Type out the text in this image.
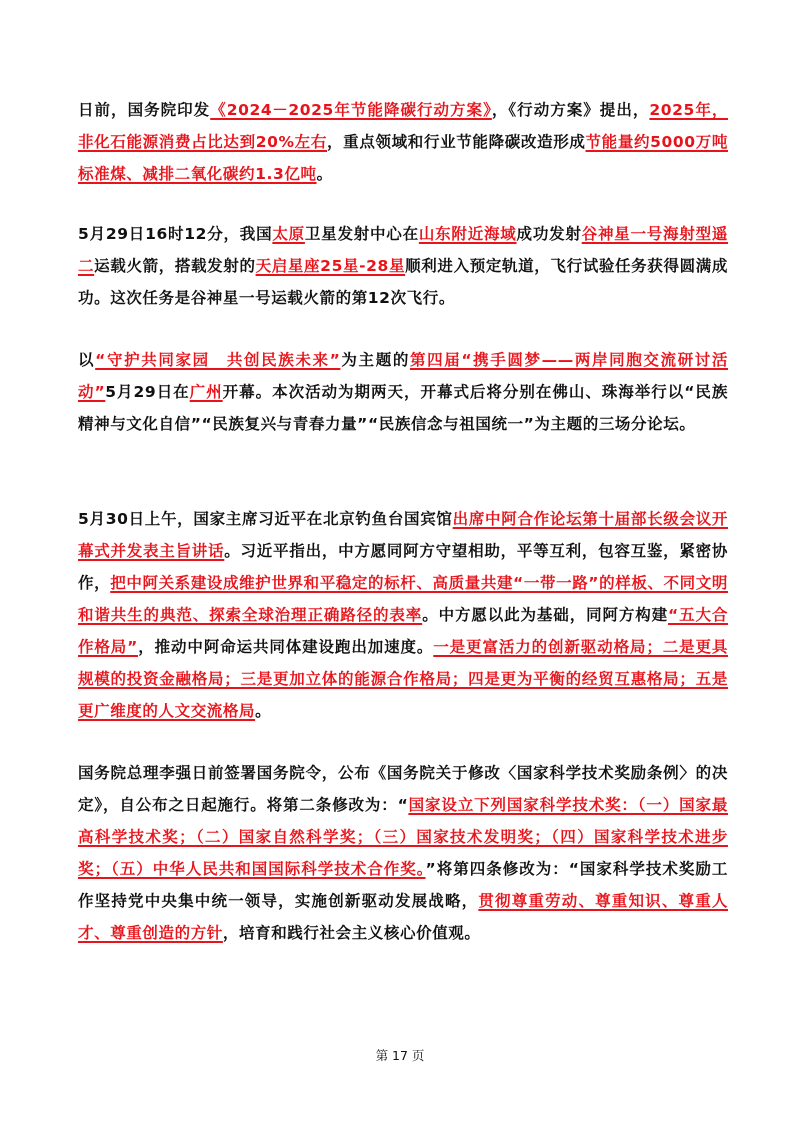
日前，国务院印发《2024－2025年节能降碳行动方案》，《行动方案》提出，2025年，非化石能源消费占比达到20%左右，重点领域和行业节能降碳改造形成节能量约5000万吨标准煤、减排二氧化碳约1.3亿吨。

5月29日16时12分，我国太原卫星发射中心在山东附近海域成功发射谷神星一号海射型遥二运载火箭，搭载发射的天启星座25星-28星顺利进入预定轨道，飞行试验任务获得圆满成功。这次任务是谷神星一号运载火箭的第12次飞行。

以“守护共同家园　共创民族未来”为主题的第四届“携手圆梦——两岸同胞交流研讨活动”5月29日在广州开幕。本次活动为期两天，开幕式后将分别在佛山、珠海举行以“民族精神与文化自信”“民族复兴与青春力量”“民族信念与祖国统一”为主题的三场分论坛。

5月30日上午，国家主席习近平在北京钓鱼台国宾馆出席中阿合作论坛第十届部长级会议开幕式并发表主旨讲话。习近平指出，中方愿同阿方守望相助，平等互利，包容互鉴，紧密协作，把中阿关系建设成维护世界和平稳定的标杆、高质量共建“一带一路”的样板、不同文明和谐共生的典范、探索全球治理正确路径的表率。中方愿以此为基础，同阿方构建“五大合作格局”，推动中阿命运共同体建设跑出加速度。一是更富活力的创新驱动格局；二是更具规模的投资金融格局；三是更加立体的能源合作格局；四是更为平衡的经贸互惠格局；五是更广维度的人文交流格局。

国务院总理李强日前签署国务院令，公布《国务院关于修改〈国家科学技术奖励条例〉的决定》，自公布之日起施行。将第二条修改为：“国家设立下列国家科学技术奖：（一）国家最高科学技术奖；（二）国家自然科学奖；（三）国家技术发明奖；（四）国家科学技术进步奖；（五）中华人民共和国国际科学技术合作奖。”将第四条修改为：“国家科学技术奖励工作坚持党中央集中统一领导，实施创新驱动发展战略，贯彻尊重劳动、尊重知识、尊重人才、尊重创造的方针，培育和践行社会主义核心价值观。

第 17 页
